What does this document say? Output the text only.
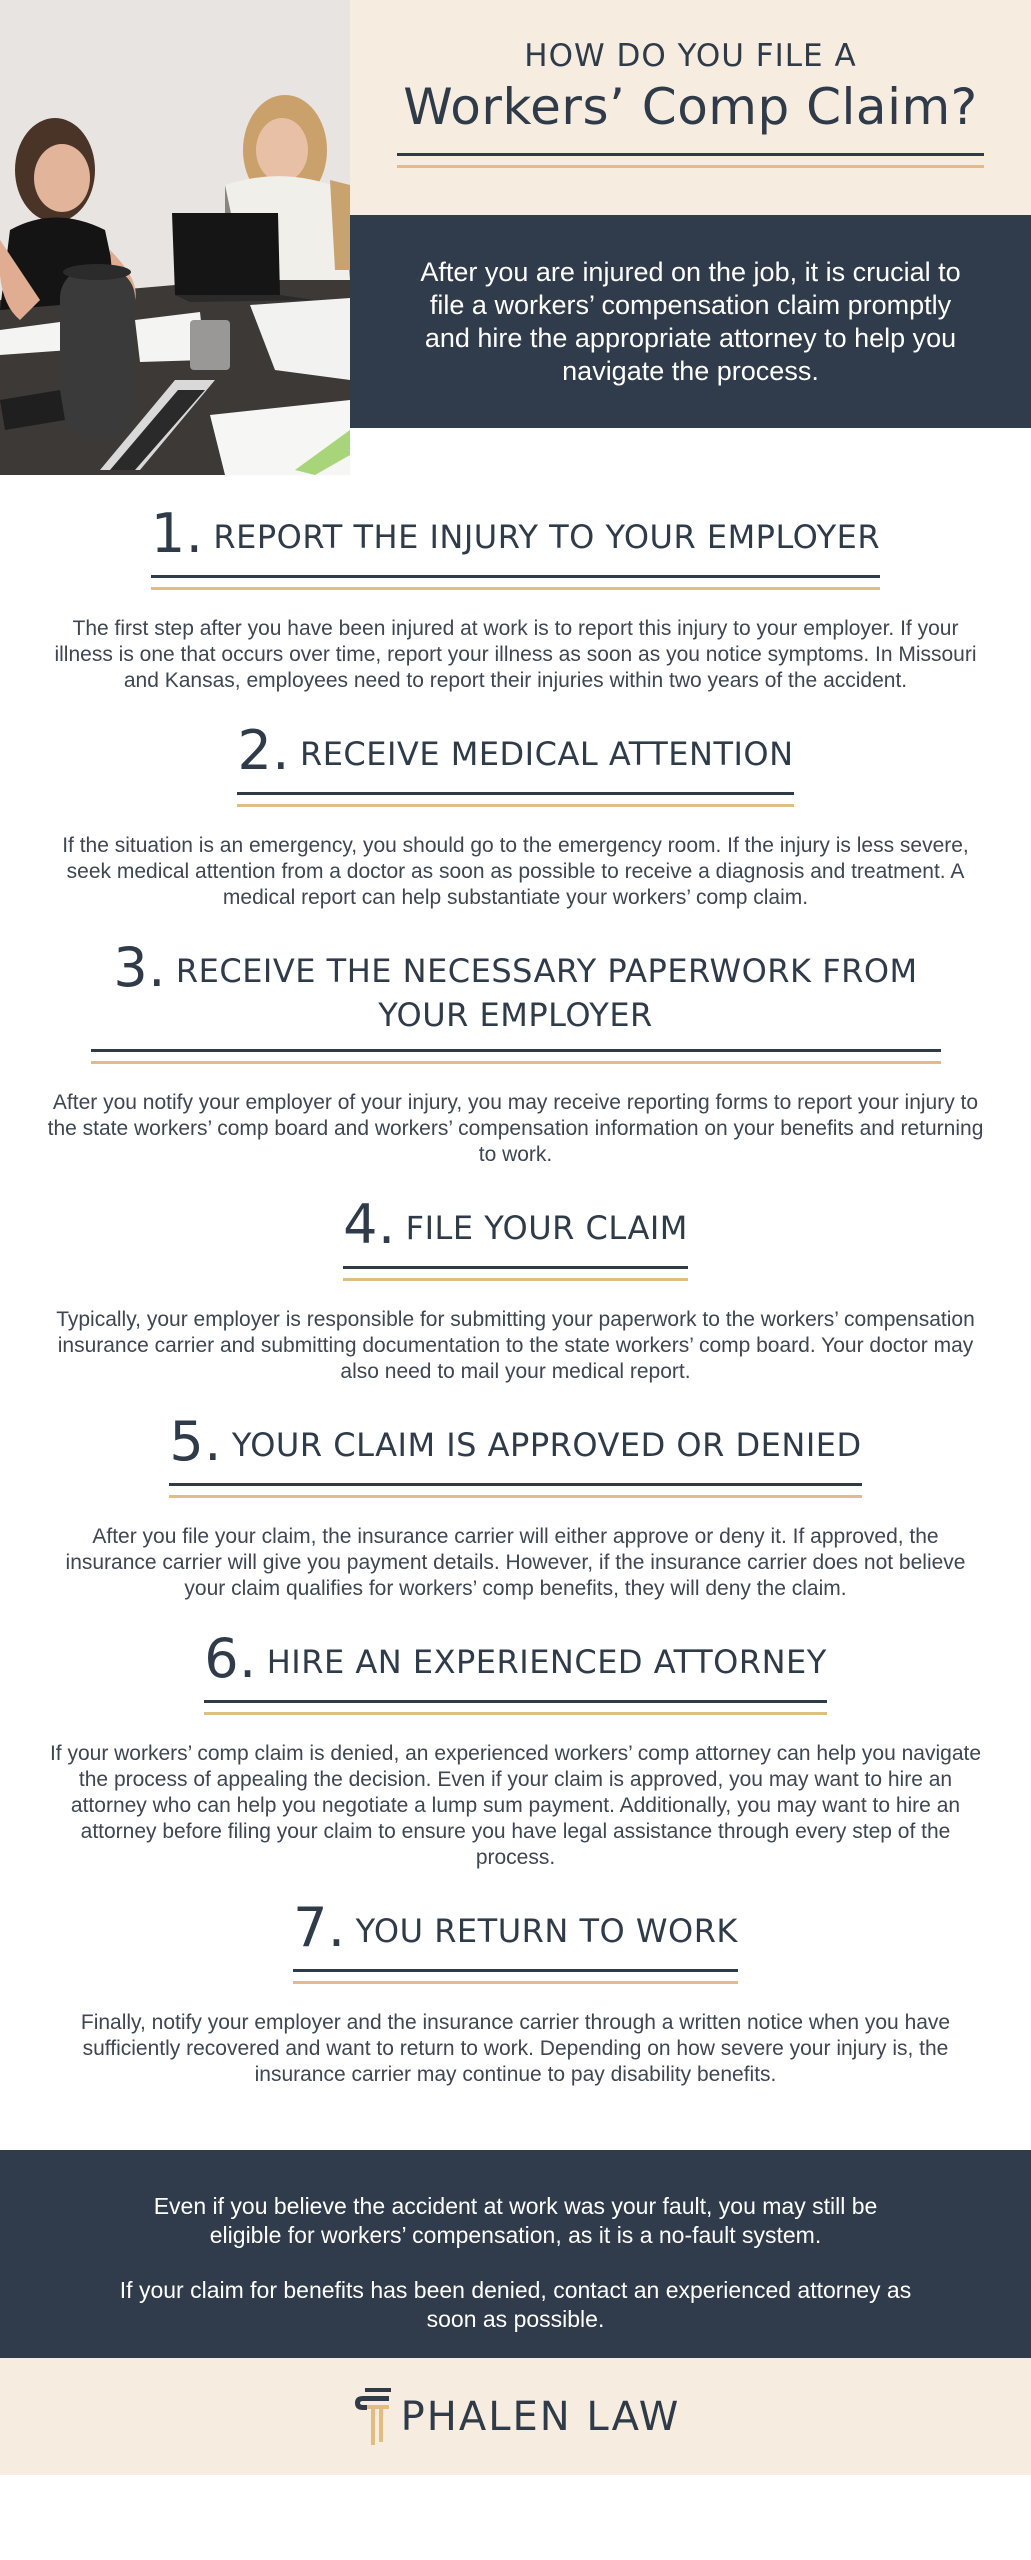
HOW DO YOU FILE A
Workers’ Comp Claim?
After you are injured on the job, it is crucial to file a workers’ compensation claim promptly and hire the appropriate attorney to help you navigate the process.
1. REPORT THE INJURY TO YOUR EMPLOYER
The first step after you have been injured at work is to report this injury to your employer. If your illness is one that occurs over time, report your illness as soon as you notice symptoms. In Missouri and Kansas, employees need to report their injuries within two years of the accident.
2. RECEIVE MEDICAL ATTENTION
If the situation is an emergency, you should go to the emergency room. If the injury is less severe, seek medical attention from a doctor as soon as possible to receive a diagnosis and treatment. A medical report can help substantiate your workers’ comp claim.
3. RECEIVE THE NECESSARY PAPERWORK FROM YOUR EMPLOYER
After you notify your employer of your injury, you may receive reporting forms to report your injury to the state workers’ comp board and workers’ compensation information on your benefits and returning to work.
4. FILE YOUR CLAIM
Typically, your employer is responsible for submitting your paperwork to the workers’ compensation insurance carrier and submitting documentation to the state workers’ comp board. Your doctor may also need to mail your medical report.
5. YOUR CLAIM IS APPROVED OR DENIED
After you file your claim, the insurance carrier will either approve or deny it. If approved, the insurance carrier will give you payment details. However, if the insurance carrier does not believe your claim qualifies for workers’ comp benefits, they will deny the claim.
6. HIRE AN EXPERIENCED ATTORNEY
If your workers’ comp claim is denied, an experienced workers’ comp attorney can help you navigate the process of appealing the decision. Even if your claim is approved, you may want to hire an attorney who can help you negotiate a lump sum payment. Additionally, you may want to hire an attorney before filing your claim to ensure you have legal assistance through every step of the process.
7. YOU RETURN TO WORK
Finally, notify your employer and the insurance carrier through a written notice when you have sufficiently recovered and want to return to work. Depending on how severe your injury is, the insurance carrier may continue to pay disability benefits.

Even if you believe the accident at work was your fault, you may still be eligible for workers’ compensation, as it is a no-fault system.

If your claim for benefits has been denied, contact an experienced attorney as soon as possible.

PHALEN LAW
